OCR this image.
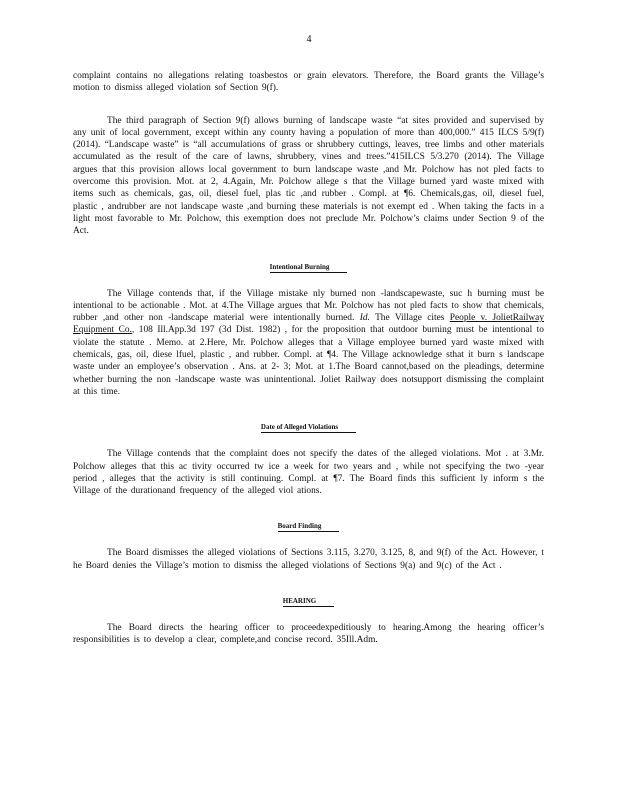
4

complaint contains no allegations relating toasbestos or grain elevators. Therefore, the Board grants the Village’s motion to dismiss alleged violation sof Section 9(f).

The third paragraph of Section 9(f) allows burning of landscape waste “at sites provided and supervised by any unit of local government, except within any county having a population of more than 400,000.” 415 ILCS 5/9(f) (2014). “Landscape waste” is “all accumulations of grass or shrubbery cuttings, leaves, tree limbs and other materials accumulated as the result of the care of lawns, shrubbery, vines and trees.”415ILCS 5/3.270 (2014). The Village argues that this provision allows local government to burn landscape waste ,and Mr. Polchow has not pled facts to overcome this provision. Mot. at 2, 4.Again, Mr. Polchow allege s that the Village burned yard waste mixed with items such as chemicals, gas, oil, diesel fuel, plas tic ,and rubber . Compl. at ¶6. Chemicals,gas, oil, diesel fuel, plastic , andrubber are not landscape waste ,and burning these materials is not exempt ed . When taking the facts in a light most favorable to Mr. Polchow, this exemption does not preclude Mr. Polchow’s claims under Section 9 of the Act.

Intentional Burning

The Village contends that, if the Village mistake nly burned non -landscapewaste, suc h burning must be intentional to be actionable . Mot. at 4.The Village argues that Mr. Polchow has not pled facts to show that chemicals, rubber ,and other non -landscape material were intentionally burned. Id. The Village cites People v. JolietRailway Equipment Co., 108 Ill.App.3d 197 (3d Dist. 1982) , for the proposition that outdoor burning must be intentional to violate the statute . Memo. at 2.Here, Mr. Polchow alleges that a Village employee burned yard waste mixed with chemicals, gas, oil, diese lfuel, plastic , and rubber. Compl. at ¶4. The Village acknowledge sthat it burn s landscape waste under an employee’s observation . Ans. at 2- 3; Mot. at 1.The Board cannot,based on the pleadings, determine whether burning the non -landscape waste was unintentional. Joliet Railway does notsupport dismissing the complaint at this time.

Date of Alleged Violations

The Village contends that the complaint does not specify the dates of the alleged violations. Mot . at 3.Mr. Polchow alleges that this ac tivity occurred tw ice a week for two years and , while not specifying the two -year period , alleges that the activity is still continuing. Compl. at ¶7. The Board finds this sufficient ly inform s the Village of the durationand frequency of the alleged viol ations.

Board Finding

The Board dismisses the alleged violations of Sections 3.115, 3.270, 3.125, 8, and 9(f) of the Act. However, t he Board denies the Village’s motion to dismiss the alleged violations of Sections 9(a) and 9(c) of the Act .

HEARING

The Board directs the hearing officer to proceedexpeditiously to hearing.Among the hearing officer’s responsibilities is to develop a clear, complete,and concise record. 35Ill.Adm.
